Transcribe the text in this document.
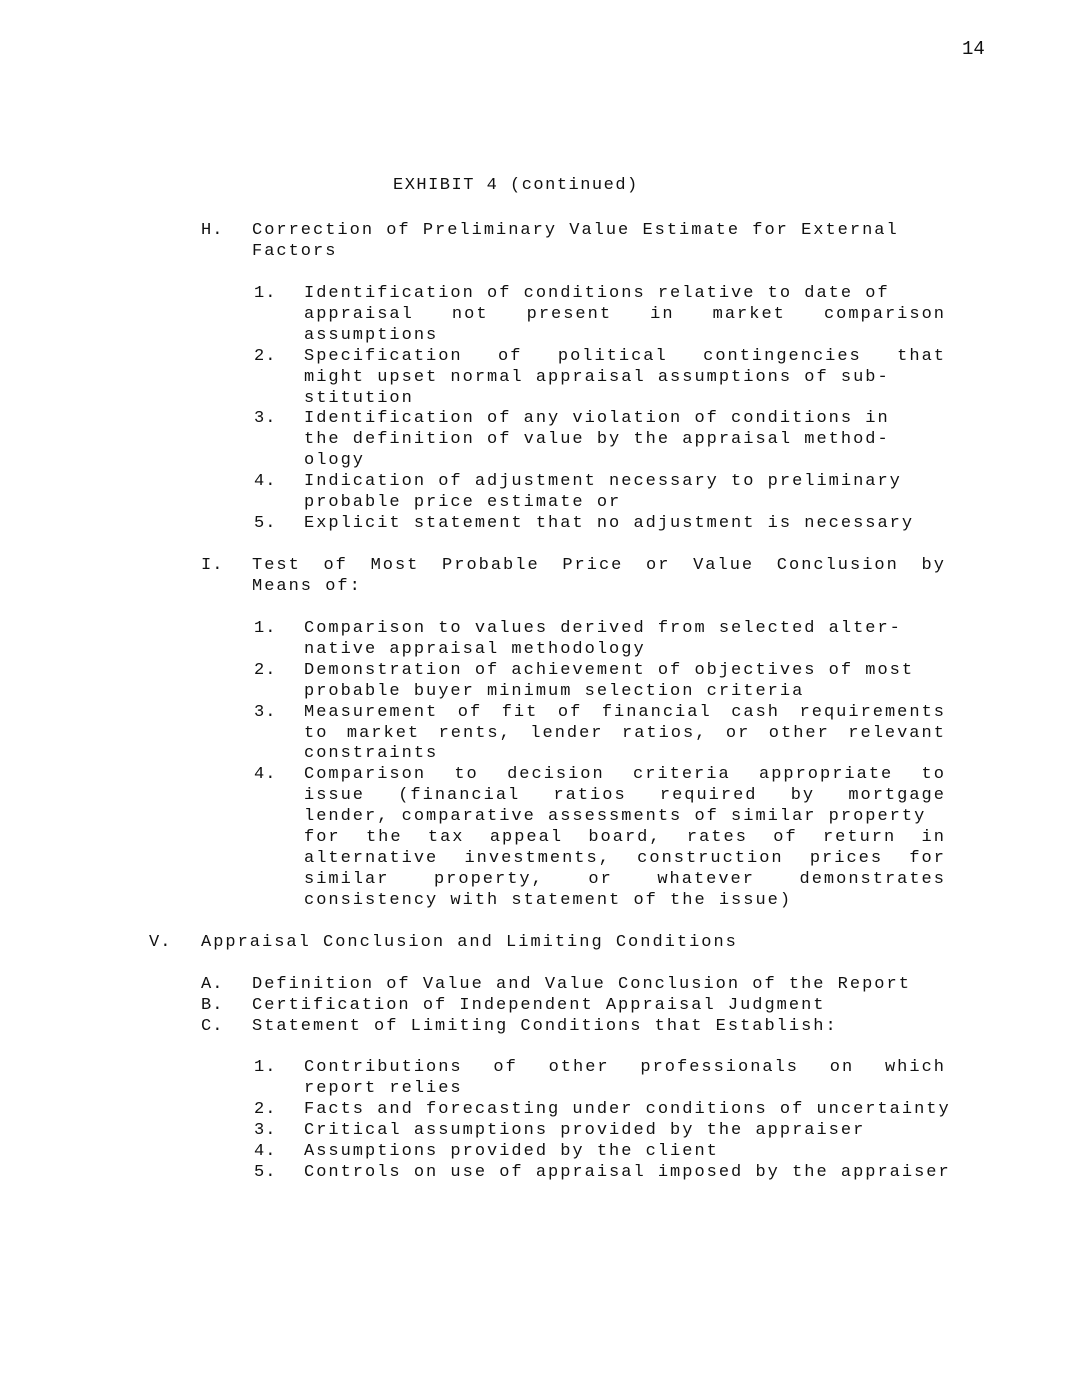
14
EXHIBIT 4 (continued)
H. Correction of Preliminary Value Estimate for External
Factors
1. Identification of conditions relative to date of
appraisal not present in market comparison
assumptions
2. Specification of political contingencies that
might upset normal appraisal assumptions of sub-
stitution
3. Identification of any violation of conditions in
the definition of value by the appraisal method-
ology
4. Indication of adjustment necessary to preliminary
probable price estimate or
5. Explicit statement that no adjustment is necessary
I. Test of Most Probable Price or Value Conclusion by
Means of:
1. Comparison to values derived from selected alter-
native appraisal methodology
2. Demonstration of achievement of objectives of most
probable buyer minimum selection criteria
3. Measurement of fit of financial cash requirements
to market rents, lender ratios, or other relevant
constraints
4. Comparison to decision criteria appropriate to
issue (financial ratios required by mortgage
lender, comparative assessments of similar property
for the tax appeal board, rates of return in
alternative investments, construction prices for
similar	property,	or	whatever	demonstrates
consistency with statement of the issue)
V. Appraisal Conclusion and Limiting Conditions
A. Definition of Value and Value Conclusion of the Report
B. Certification of Independent Appraisal Judgment
C. Statement of Limiting Conditions that Establish:
1. Contributions of other professionals on which
report relies
2. Facts and forecasting under conditions of uncertainty
3. Critical assumptions provided by the appraiser
4. Assumptions provided by the client
5. Controls on use of appraisal imposed by the appraiser
